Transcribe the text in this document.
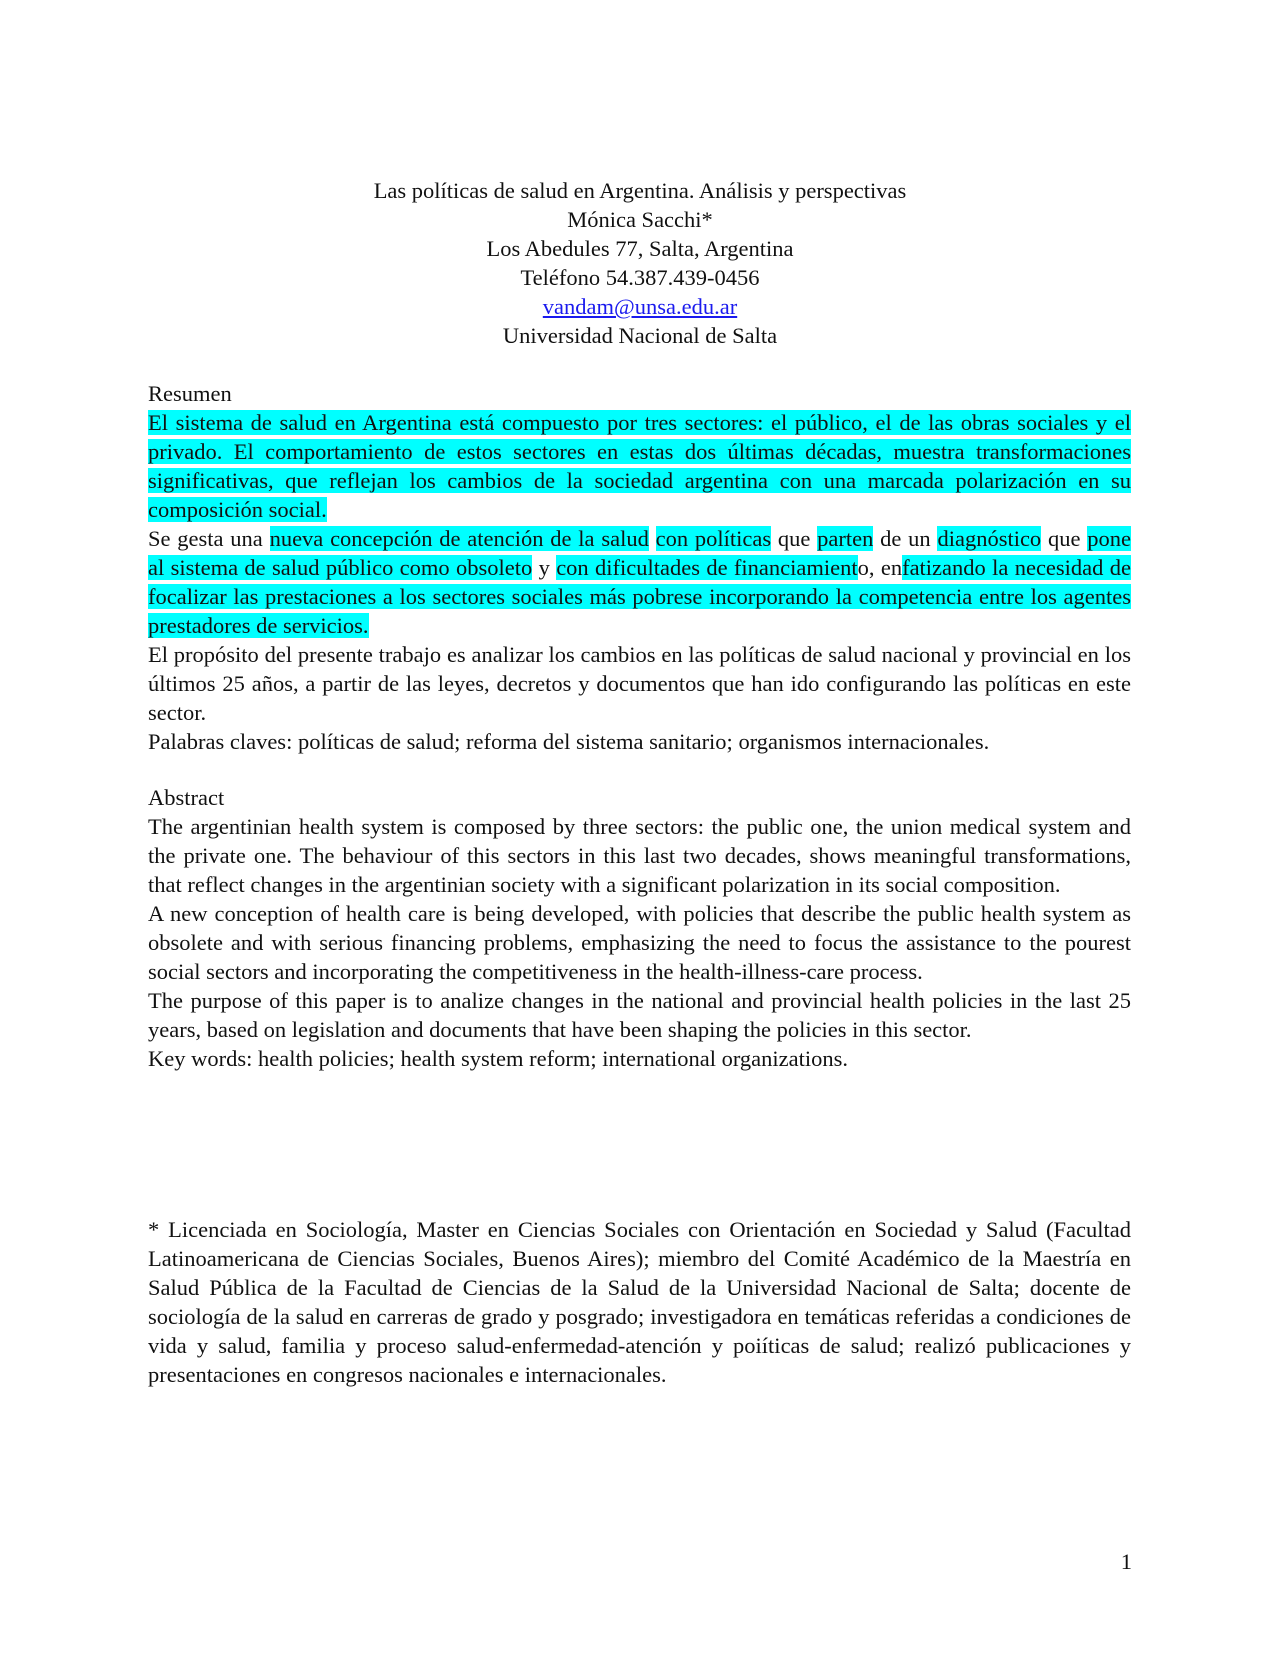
Las políticas de salud en Argentina. Análisis y perspectivas
Mónica Sacchi*
Los Abedules 77, Salta, Argentina
Teléfono 54.387.439-0456
vandam@unsa.edu.ar
Universidad Nacional de Salta

Resumen

El sistema de salud en Argentina está compuesto por tres sectores: el público, el de las obras sociales y el privado. El comportamiento de estos sectores en estas dos últimas décadas, muestra transformaciones significativas, que reflejan los cambios de la sociedad argentina con una marcada polarización en su composición social.

Se gesta una nueva concepción de atención de la salud con políticas que parten de un diagnóstico que pone al sistema de salud público como obsoleto y con dificultades de financiamiento, enfatizando la necesidad de focalizar las prestaciones a los sectores sociales más pobrese incorporando la competencia entre los agentes prestadores de servicios.

El propósito del presente trabajo es analizar los cambios en las políticas de salud nacional y provincial en los últimos 25 años, a partir de las leyes, decretos y documentos que han ido configurando las políticas en este sector.

Palabras claves: políticas de salud; reforma del sistema sanitario; organismos internacionales.

Abstract

The argentinian health system is composed by three sectors: the public one, the union medical system and the private one. The behaviour of this sectors in this last two decades, shows meaningful transformations, that reflect changes in the argentinian society with a significant polarization in its social composition.

A new conception of health care is being developed, with policies that describe the public health system as obsolete and with serious financing problems, emphasizing the need to focus the assistance to the pourest social sectors and incorporating the competitiveness in the health-illness-care process.

The purpose of this paper is to analize changes in the national and provincial health policies in the last 25 years, based on legislation and documents that have been shaping the policies in this sector.

Key words: health policies; health system reform; international organizations.

* Licenciada en Sociología, Master en Ciencias Sociales con Orientación en Sociedad y Salud (Facultad Latinoamericana de Ciencias Sociales, Buenos Aires); miembro del Comité Académico de la Maestría en Salud Pública de la Facultad de Ciencias de la Salud de la Universidad Nacional de Salta; docente de sociología de la salud en carreras de grado y posgrado; investigadora en temáticas referidas a condiciones de vida y salud, familia y proceso salud-enfermedad-atención y poiíticas de salud; realizó publicaciones y presentaciones en congresos nacionales e internacionales.

1
